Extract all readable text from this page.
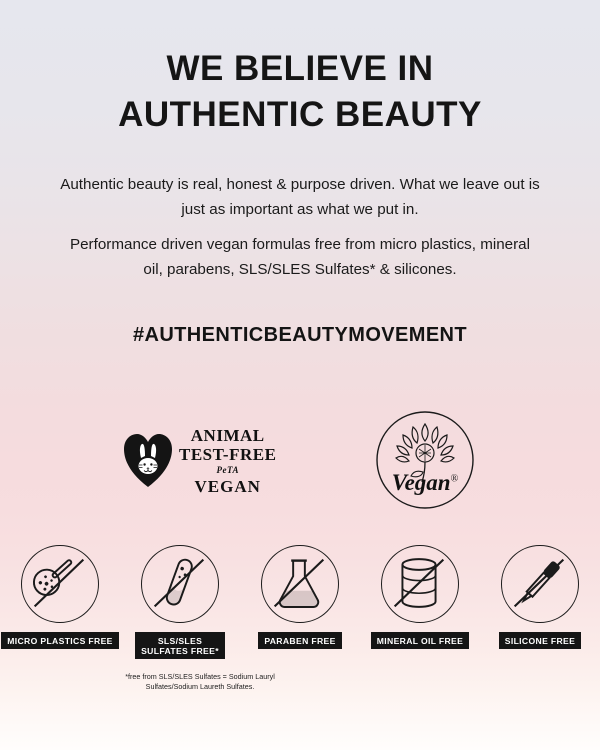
WE BELIEVE IN
AUTHENTIC BEAUTY
Authentic beauty is real, honest & purpose driven. What we leave out is just as important as what we put in.
Performance driven vegan formulas free from micro plastics, mineral oil, parabens, SLS/SLES Sulfates* & silicones.
#AUTHENTICBEAUTYMOVEMENT
ANIMAL
TEST-FREE
PeTA
VEGAN	Vegan®
MICRO PLASTICS FREE	SLS/SLES
SULFATES FREE*
PARABEN FREE	MINERAL OIL FREE	SILICONE FREE
*free from SLS/SLES Sulfates = Sodium Lauryl Sulfates/Sodium Laureth Sulfates.
